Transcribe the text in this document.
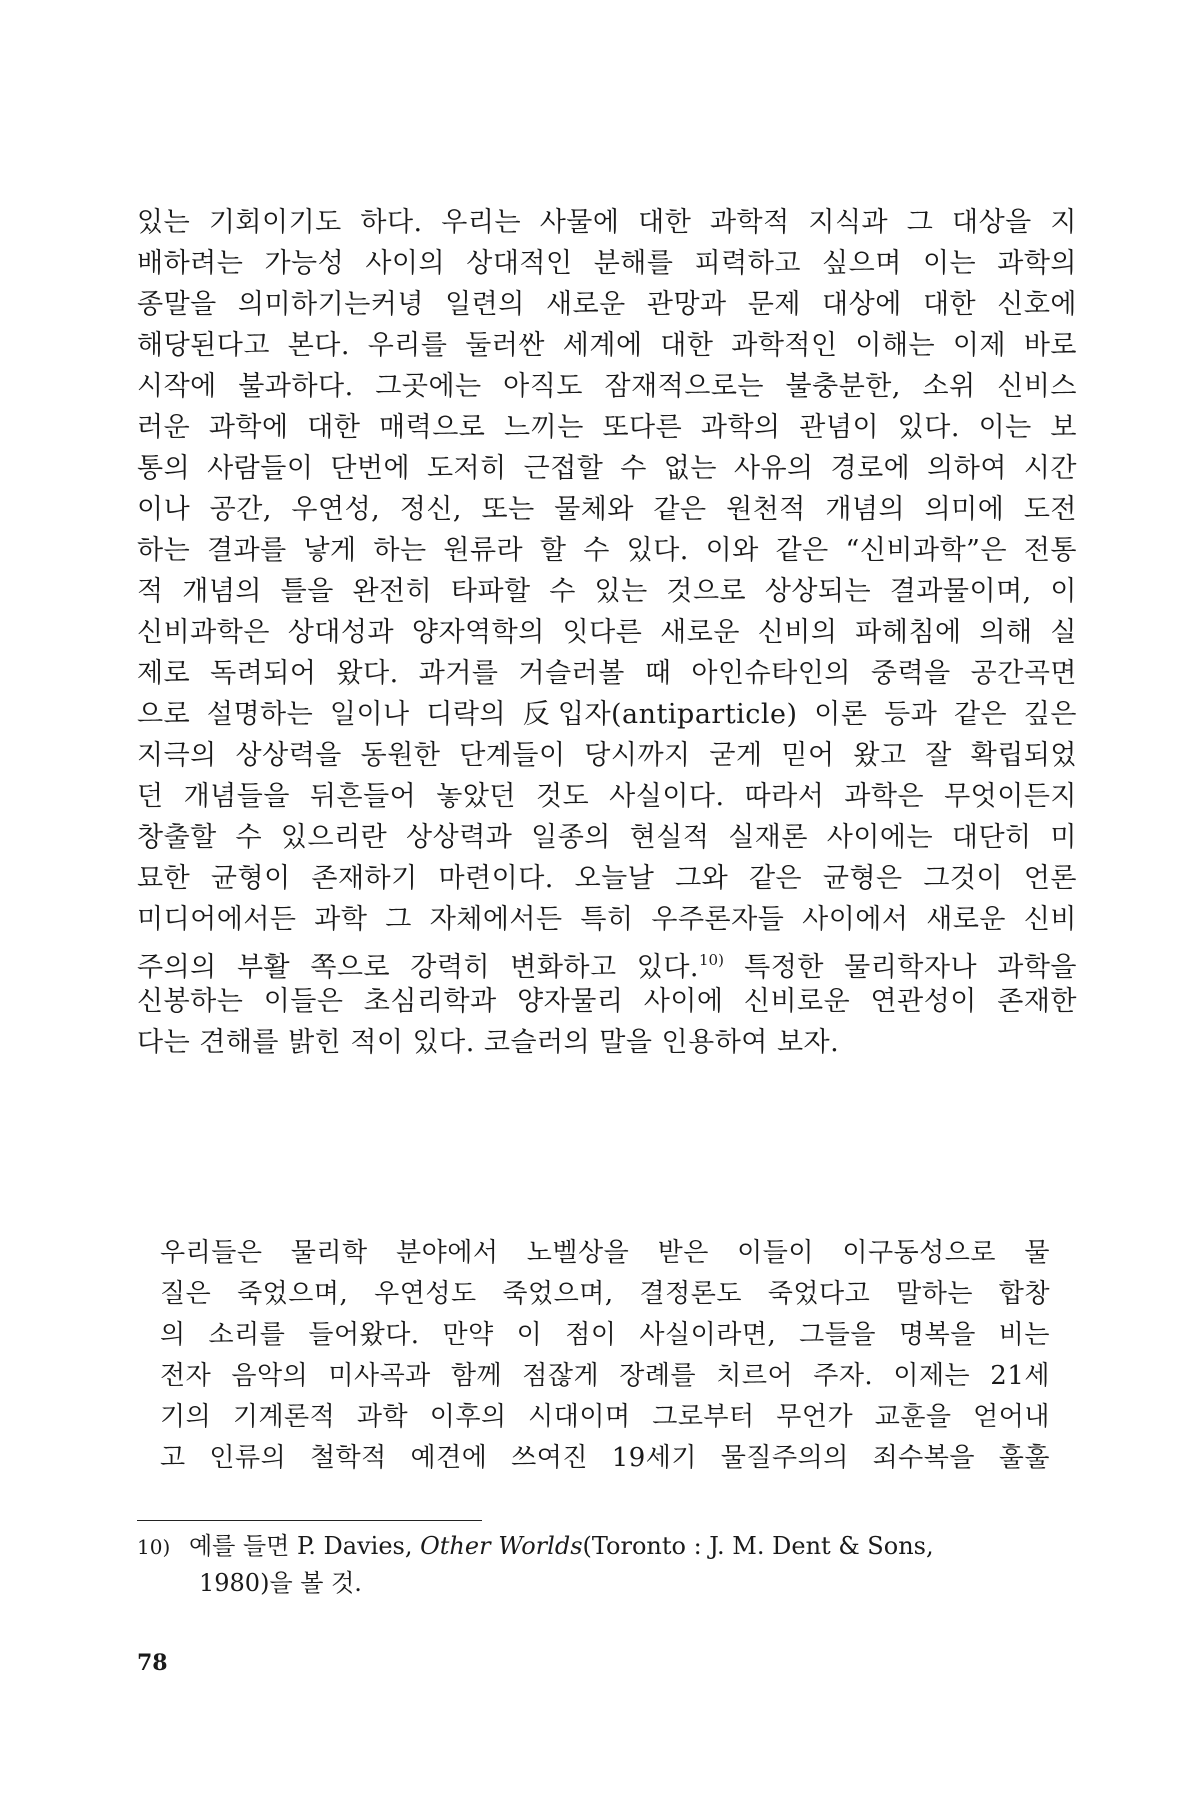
있는 기회이기도 하다. 우리는 사물에 대한 과학적 지식과 그 대상을 지
배하려는 가능성 사이의 상대적인 분해를 피력하고 싶으며 이는 과학의
종말을 의미하기는커녕 일련의 새로운 관망과 문제 대상에 대한 신호에
해당된다고 본다. 우리를 둘러싼 세계에 대한 과학적인 이해는 이제 바로
시작에 불과하다. 그곳에는 아직도 잠재적으로는 불충분한, 소위 신비스
러운 과학에 대한 매력으로 느끼는 또다른 과학의 관념이 있다. 이는 보
통의 사람들이 단번에 도저히 근접할 수 없는 사유의 경로에 의하여 시간
이나 공간, 우연성, 정신, 또는 물체와 같은 원천적 개념의 의미에 도전
하는 결과를 낳게 하는 원류라 할 수 있다. 이와 같은 “신비과학”은 전통
적 개념의 틀을 완전히 타파할 수 있는 것으로 상상되는 결과물이며, 이
신비과학은 상대성과 양자역학의 잇다른 새로운 신비의 파헤침에 의해 실
제로 독려되어 왔다. 과거를 거슬러볼 때 아인슈타인의 중력을 공간곡면
으로 설명하는 일이나 디락의 反입자(antiparticle) 이론 등과 같은 깊은
지극의 상상력을 동원한 단계들이 당시까지 굳게 믿어 왔고 잘 확립되었
던 개념들을 뒤흔들어 놓았던 것도 사실이다. 따라서 과학은 무엇이든지
창출할 수 있으리란 상상력과 일종의 현실적 실재론 사이에는 대단히 미
묘한 균형이 존재하기 마련이다. 오늘날 그와 같은 균형은 그것이 언론
미디어에서든 과학 그 자체에서든 특히 우주론자들 사이에서 새로운 신비
주의의 부활 쪽으로 강력히 변화하고 있다.$^{10)}$ 특정한 물리학자나 과학을
신봉하는 이들은 초심리학과 양자물리 사이에 신비로운 연관성이 존재한
다는 견해를 밝힌 적이 있다. 코슬러의 말을 인용하여 보자.
우리들은 물리학 분야에서 노벨상을 받은 이들이 이구동성으로 물
질은 죽었으며, 우연성도 죽었으며, 결정론도 죽었다고 말하는 합창
의 소리를 들어왔다. 만약 이 점이 사실이라면, 그들을 명복을 비는
전자 음악의 미사곡과 함께 점잖게 장례를 치르어 주자. 이제는 21세
기의 기계론적 과학 이후의 시대이며 그로부터 무언가 교훈을 얻어내
고 인류의 철학적 예견에 쓰여진 19세기 물질주의의 죄수복을 훌훌
10) 예를 들면 P. Davies, Other Worlds(Toronto : J. M. Dent & Sons,
1980)을 볼 것.
78
